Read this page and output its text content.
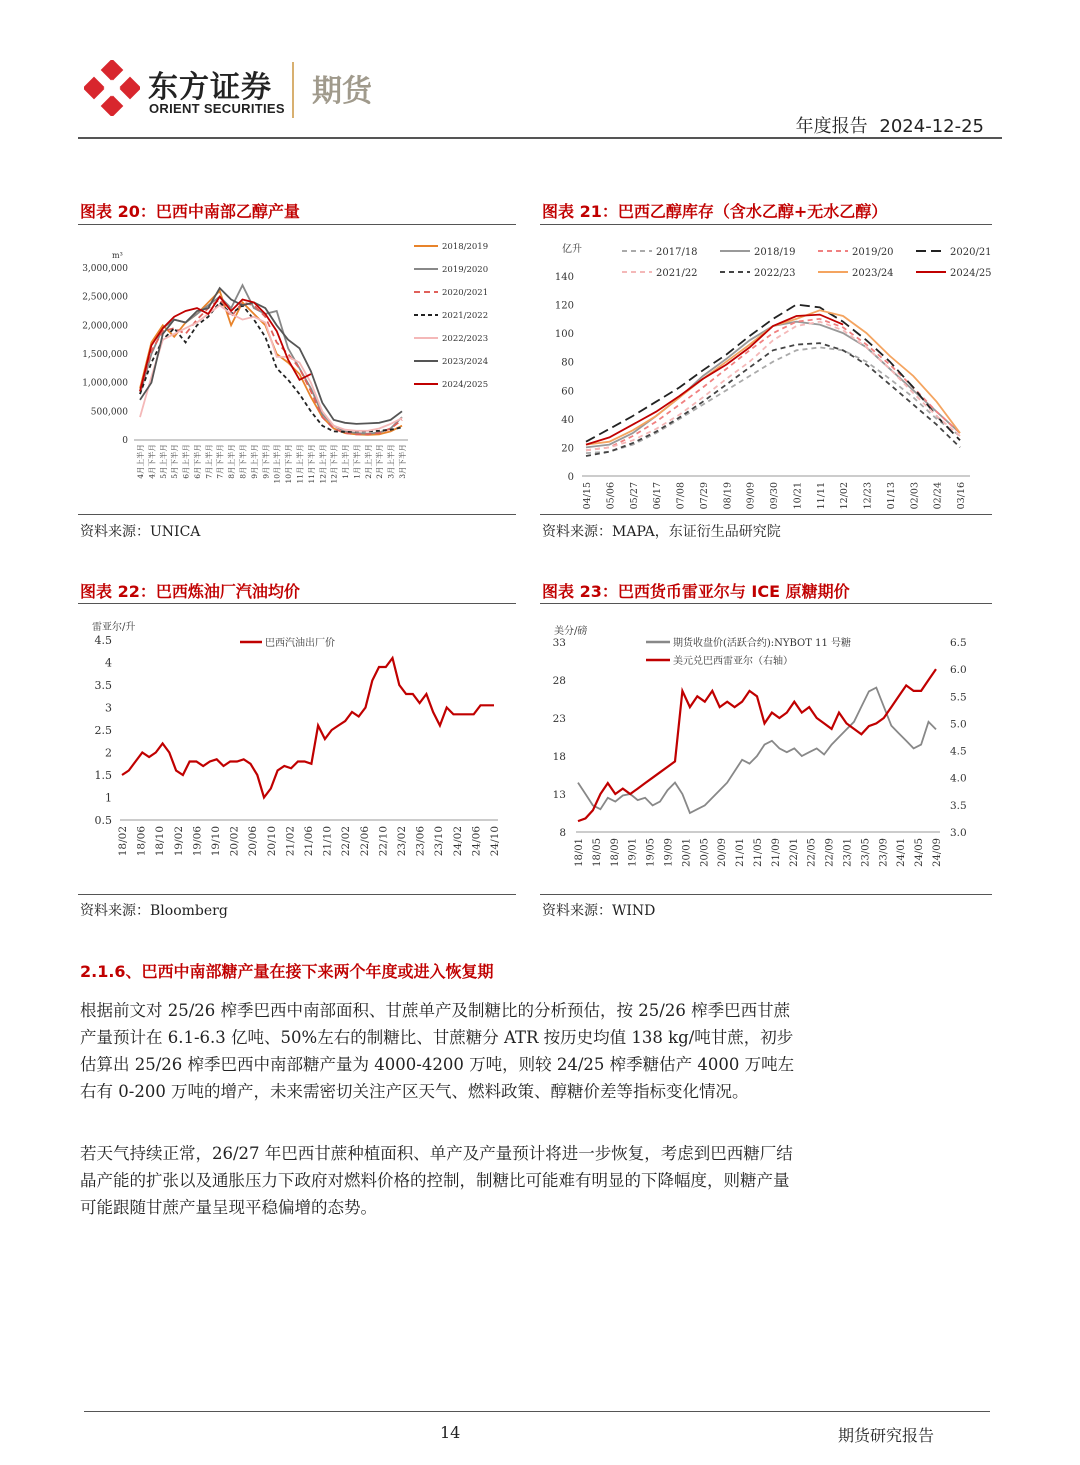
东方证券
ORIENT SECURITIES 期货
年度报告 2024-12-25
图表 20：巴西中南部乙醇产量
m³
0
500,000
1,000,000
1,500,000
2,000,000
2,500,000
3,000,000
4月上半月 4月下半月 5月上半月 5月下半月 6月上半月 6月下半月 7月上半月 7月下半月 8月上半月 8月下半月 9月上半月 9月下半月 10月上半月 10月下半月 11月上半月 11月下半月 12月上半月 12月下半月 1月上半月 1月下半月 2月上半月 2月下半月 3月上半月 3月下半月
2018/2019
2019/2020
2020/2021
2021/2022
2022/2023
2023/2024
2024/2025
资料来源：UNICA
图表 21：巴西乙醇库存（含水乙醇+无水乙醇）
亿升
0
20
40
60
80
100
120
140
04/15 05/06 05/27 06/17 07/08 07/29 08/19 09/09 09/30 10/21 11/11 12/02 12/23 01/13 02/03 02/24 03/16
2017/18	2018/19	2019/20	2020/21
2021/22	2022/23	2023/24	2024/25
资料来源：MAPA，东证衍生品研究院
图表 22：巴西炼油厂汽油均价
雷亚尔/升
0.5
1
1.5
2
2.5
3
3.5
4
4.5
18/02 18/06 18/10 19/02 19/06 19/10 20/02 20/06 20/10 21/02 21/06 21/10 22/02 22/06 22/10 23/02 23/06 23/10 24/02 24/06 24/10
巴西汽油出厂价
资料来源：Bloomberg
图表 23：巴西货币雷亚尔与 ICE 原糖期价
美分/磅
8
13
18
23
28
33
3.0
3.5
4.0
4.5
5.0
5.5
6.0
6.5
18/01 18/05 18/09 19/01 19/05 19/09 20/01 20/05 20/09 21/01 21/05 21/09 22/01 22/05 22/09 23/01 23/05 23/09 24/01 24/05 24/09
期货收盘价(活跃合约):NYBOT 11 号糖
美元兑巴西雷亚尔（右轴）
资料来源：WIND
2.1.6、巴西中南部糖产量在接下来两个年度或进入恢复期

根据前文对 25/26 榨季巴西中南部面积、甘蔗单产及制糖比的分析预估，按 25/26 榨季巴西甘蔗产量预计在 6.1-6.3 亿吨、50%左右的制糖比、甘蔗糖分 ATR 按历史均值 138 kg/吨甘蔗，初步估算出 25/26 榨季巴西中南部糖产量为 4000-4200 万吨，则较 24/25 榨季糖估产 4000 万吨左右有 0-200 万吨的增产，未来需密切关注产区天气、燃料政策、醇糖价差等指标变化情况。

若天气持续正常，26/27 年巴西甘蔗种植面积、单产及产量预计将进一步恢复，考虑到巴西糖厂结晶产能的扩张以及通胀压力下政府对燃料价格的控制，制糖比可能难有明显的下降幅度，则糖产量可能跟随甘蔗产量呈现平稳偏增的态势。

14	期货研究报告
